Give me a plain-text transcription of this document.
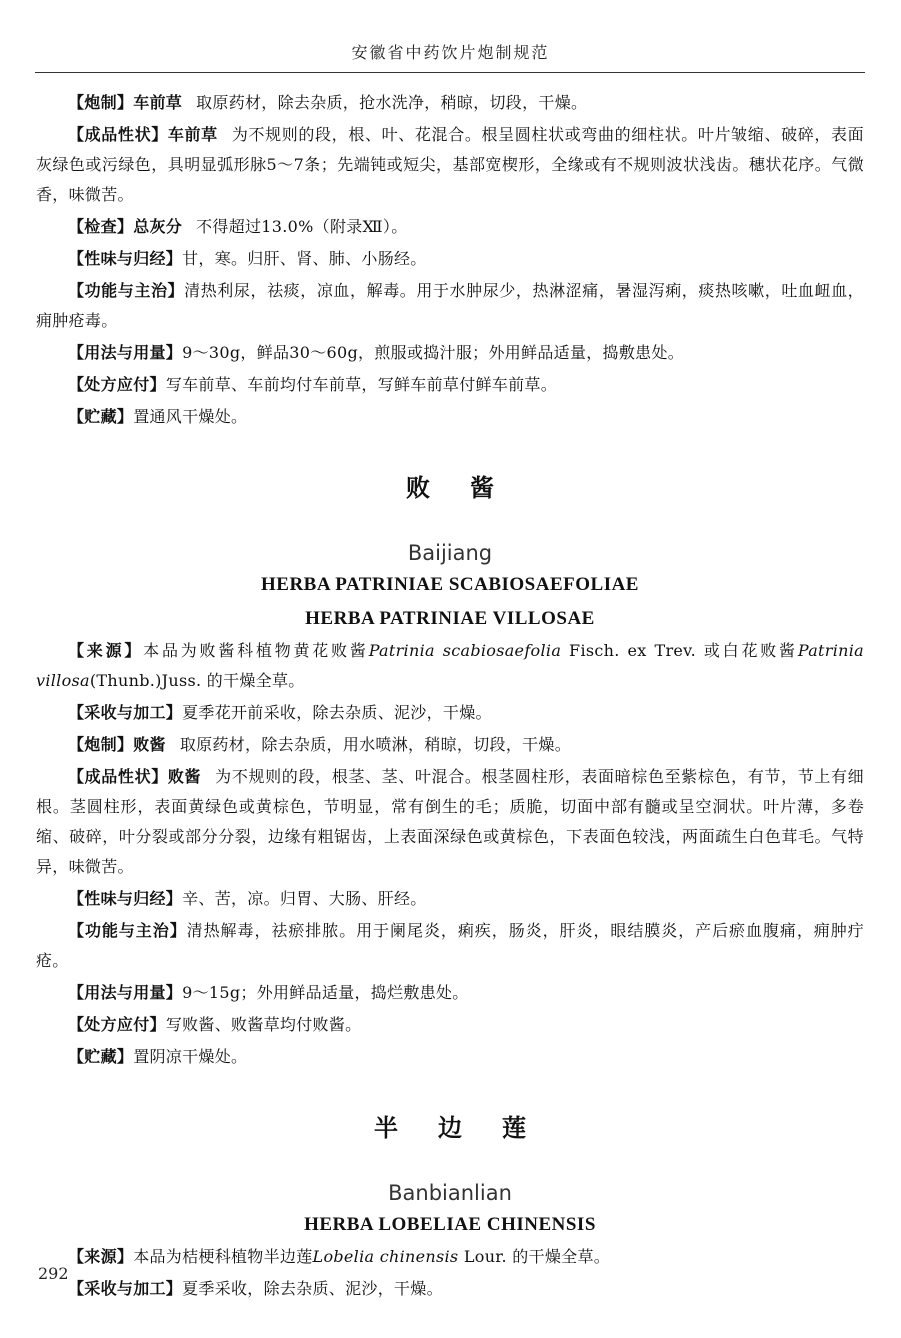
安徽省中药饮片炮制规范

【炮制】车前草 取原药材，除去杂质，抢水洗净，稍晾，切段，干燥。

【成品性状】车前草 为不规则的段，根、叶、花混合。根呈圆柱状或弯曲的细柱状。叶片皱缩、破碎，表面灰绿色或污绿色，具明显弧形脉5～7条；先端钝或短尖，基部宽楔形，全缘或有不规则波状浅齿。穗状花序。气微香，味微苦。

【检查】总灰分 不得超过13.0%（附录Ⅻ）。

【性味与归经】甘，寒。归肝、肾、肺、小肠经。

【功能与主治】清热利尿，祛痰，凉血，解毒。用于水肿尿少，热淋涩痛，暑湿泻痢，痰热咳嗽，吐血衄血，痈肿疮毒。

【用法与用量】9～30g，鲜品30～60g，煎服或捣汁服；外用鲜品适量，捣敷患处。

【处方应付】写车前草、车前均付车前草，写鲜车前草付鲜车前草。

【贮藏】置通风干燥处。

败酱
Baijiang
HERBA PATRINIAE SCABIOSAEFOLIAE
HERBA PATRINIAE VILLOSAE

【来源】本品为败酱科植物黄花败酱Patrinia scabiosaefolia Fisch. ex Trev. 或白花败酱Patrinia villosa(Thunb.)Juss. 的干燥全草。

【采收与加工】夏季花开前采收，除去杂质、泥沙，干燥。

【炮制】败酱 取原药材，除去杂质，用水喷淋，稍晾，切段，干燥。

【成品性状】败酱 为不规则的段，根茎、茎、叶混合。根茎圆柱形，表面暗棕色至紫棕色，有节，节上有细根。茎圆柱形，表面黄绿色或黄棕色，节明显，常有倒生的毛；质脆，切面中部有髓或呈空洞状。叶片薄，多卷缩、破碎，叶分裂或部分分裂，边缘有粗锯齿，上表面深绿色或黄棕色，下表面色较浅，两面疏生白色茸毛。气特异，味微苦。

【性味与归经】辛、苦，凉。归胃、大肠、肝经。

【功能与主治】清热解毒，祛瘀排脓。用于阑尾炎，痢疾，肠炎，肝炎，眼结膜炎，产后瘀血腹痛，痈肿疔疮。

【用法与用量】9～15g；外用鲜品适量，捣烂敷患处。

【处方应付】写败酱、败酱草均付败酱。

【贮藏】置阴凉干燥处。

半边莲
Banbianlian
HERBA LOBELIAE CHINENSIS

【来源】本品为桔梗科植物半边莲Lobelia chinensis Lour. 的干燥全草。

【采收与加工】夏季采收，除去杂质、泥沙，干燥。

292
